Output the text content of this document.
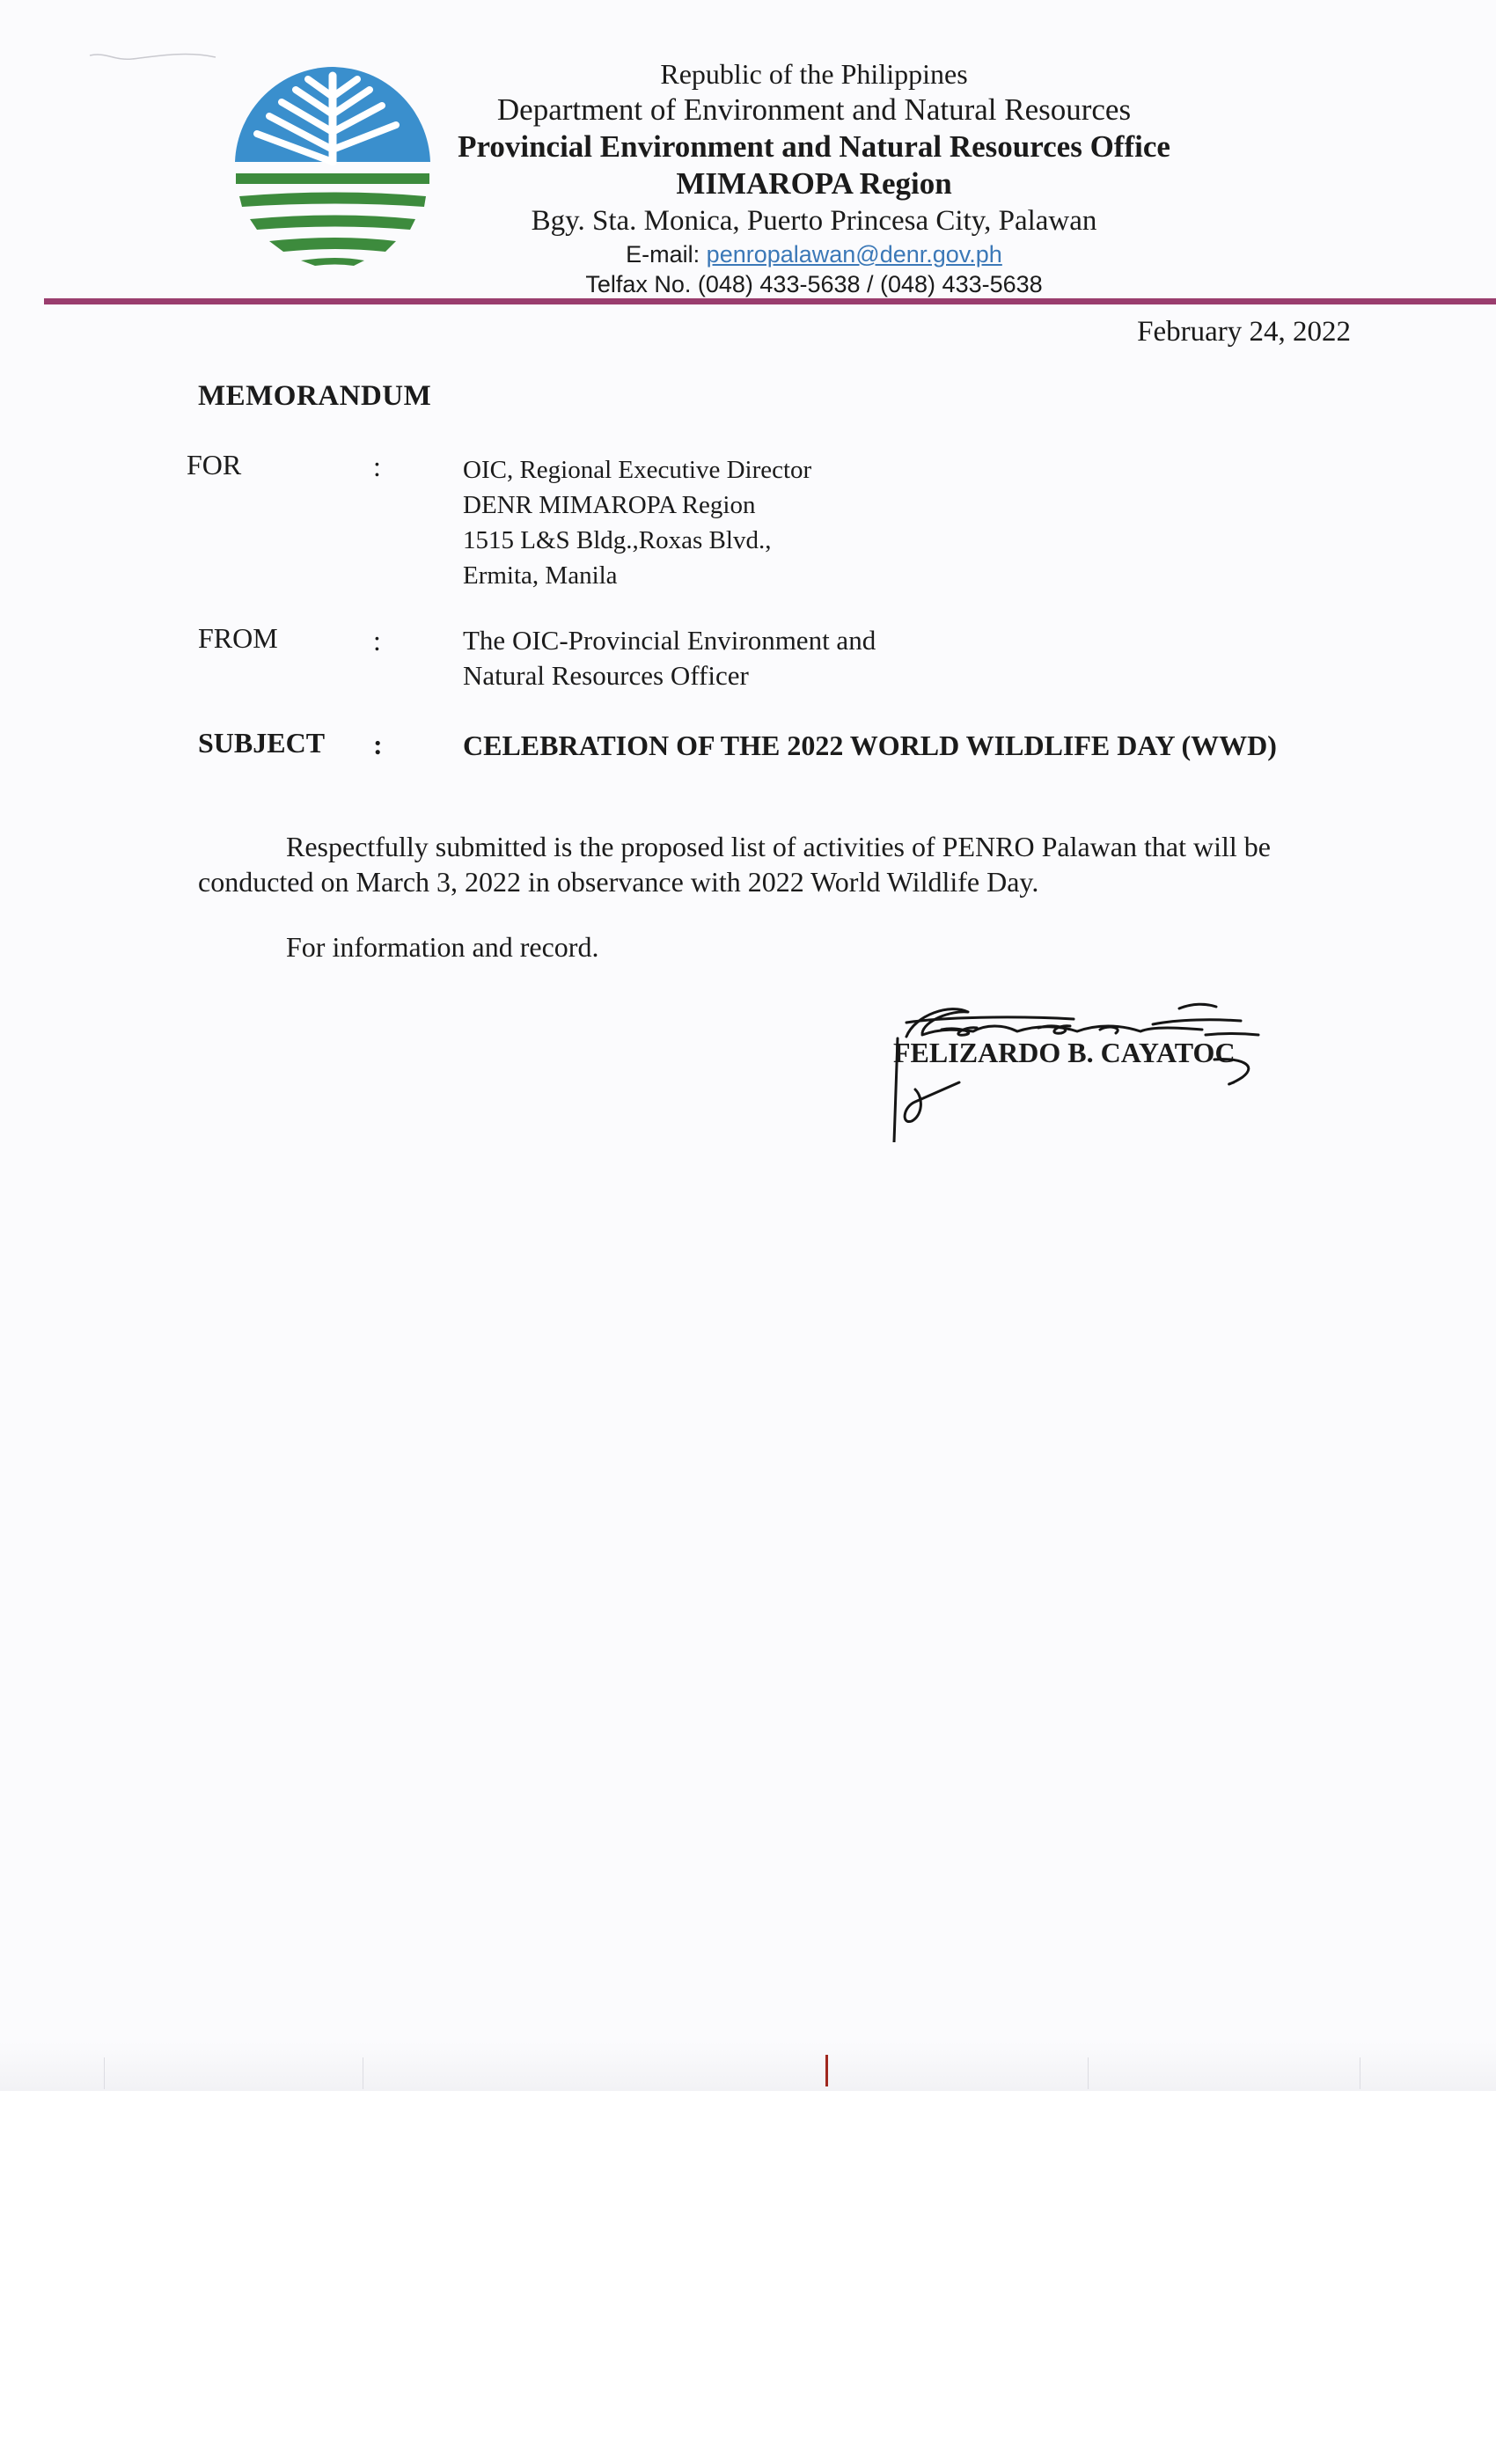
Republic of the Philippines
Department of Environment and Natural Resources
Provincial Environment and Natural Resources Office
MIMAROPA Region
Bgy. Sta. Monica, Puerto Princesa City, Palawan
E-mail: penropalawan@denr.gov.ph
Telfax No. (048) 433-5638 / (048) 433-5638
February 24, 2022
MEMORANDUM
FOR	:	OIC, Regional Executive Director
DENR MIMAROPA Region
1515 L&S Bldg.,Roxas Blvd.,
Ermita, Manila
FROM	:	The OIC-Provincial Environment and
Natural Resources Officer
SUBJECT :	CELEBRATION OF THE 2022 WORLD WILDLIFE DAY (WWD)
Respectfully submitted is the proposed list of activities of PENRO Palawan that will be conducted on March 3, 2022 in observance with 2022 World Wildlife Day.
For information and record.
FELIZARDO B. CAYATOC
